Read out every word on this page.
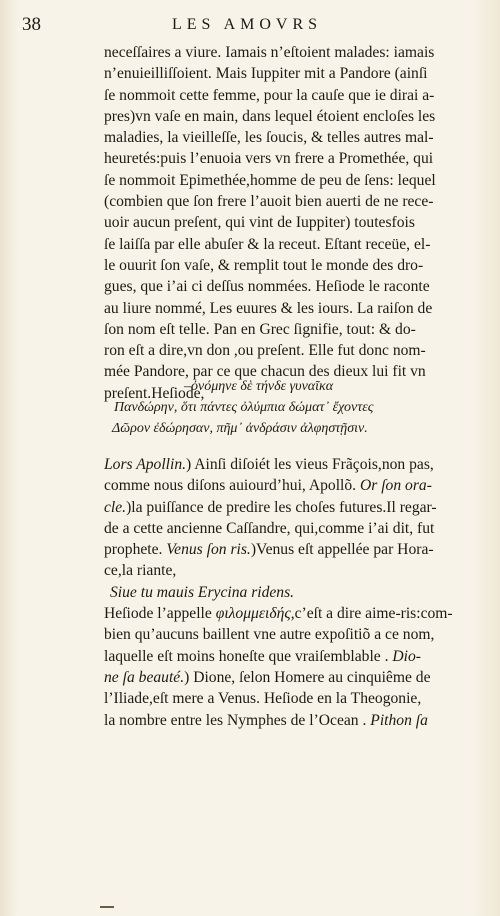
38	LES AMOVRS
neceſſaires a viure. Iamais n’eſtoient malades: iamais
n’enuieilliſſoient. Mais Iuppiter mit a Pandore (ainſi
ſe nommoit cette femme, pour la cauſe que ie dirai a-
pres)vn vaſe en main, dans lequel étoient encloſes les
maladies, la vieilleſſe, les ſoucis, & telles autres mal-
heuretés:puis l’enuoia vers vn frere a Promethée, qui
ſe nommoit Epimethée,homme de peu de ſens: lequel
(combien que ſon frere l’auoit bien auerti de ne rece-
uoir aucun preſent, qui vint de Iuppiter) toutesfois
ſe laiſſa par elle abuſer & la receut. Eſtant receüe, el-
le ouurit ſon vaſe, & remplit tout le monde des dro-
gues, que i’ai ci deſſus nommées. Heſiode le raconte
au liure nommé, Les euures & les iours. La raiſon de
ſon nom eſt telle. Pan en Grec ſignifie, tout: & do-
ron eſt a dire,vn don ,ou preſent. Elle fut donc nom-
mée Pandore, par ce que chacun des dieux lui fit vn
preſent.Heſiode,
–ὀνόμηνε δὲ τήνδε γυναῖκα
Πανδώρην, ὅτι πάντες ὀλύμπια δώματ᾽ ἔχοντες
Δῶρον ἐδώρησαν, πῆμ᾽ ἀνδράσιν ἀλφηστῇσιν.
Lors Apollin.) Ainſi diſoiét les vieus Frãçois,non pas,
comme nous diſons auiourd’hui, Apollõ. Or ſon ora-
cle.)la puiſſance de predire les choſes futures.Il regar-
de a cette ancienne Caſſandre, qui,comme i’ai dit, fut
prophete. Venus ſon ris.)Venus eſt appellée par Hora-
ce,la riante,
Siue tu mauis Erycina ridens.
Heſiode l’appelle φιλομμειδής,c’eſt a dire aime-ris:com-
bien qu’aucuns baillent vne autre expoſitiõ a ce nom,
laquelle eſt moins honeſte que vraiſemblable . Dio-
ne ſa beauté.) Dione, ſelon Homere au cinquiême de
l’Iliade,eſt mere a Venus. Heſiode en la Theogonie,
la nombre entre les Nymphes de l’Ocean . Pithon ſa
